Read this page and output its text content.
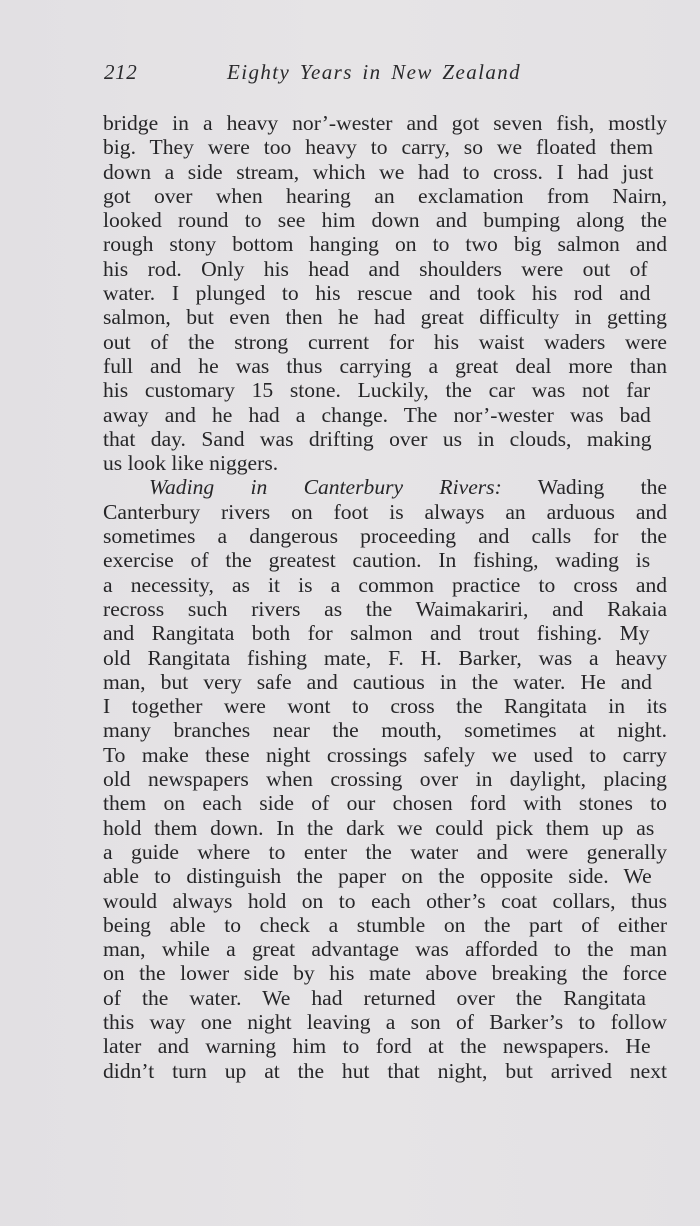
212	Eighty Years in New Zealand
bridge in a heavy nor’-wester and got seven fish, mostly
big. They were too heavy to carry, so we floated them
down a side stream, which we had to cross. I had just
got over when hearing an exclamation from Nairn,
looked round to see him down and bumping along the
rough stony bottom hanging on to two big salmon and
his rod. Only his head and shoulders were out of
water. I plunged to his rescue and took his rod and
salmon, but even then he had great difficulty in getting
out of the strong current for his waist waders were
full and he was thus carrying a great deal more than
his customary 15 stone. Luckily, the car was not far
away and he had a change. The nor’-wester was bad
that day. Sand was drifting over us in clouds, making
us look like niggers.
Wading in Canterbury Rivers: Wading the
Canterbury rivers on foot is always an arduous and
sometimes a dangerous proceeding and calls for the
exercise of the greatest caution. In fishing, wading is
a necessity, as it is a common practice to cross and
recross such rivers as the Waimakariri, and Rakaia
and Rangitata both for salmon and trout fishing. My
old Rangitata fishing mate, F. H. Barker, was a heavy
man, but very safe and cautious in the water. He and
I together were wont to cross the Rangitata in its
many branches near the mouth, sometimes at night.
To make these night crossings safely we used to carry
old newspapers when crossing over in daylight, placing
them on each side of our chosen ford with stones to
hold them down. In the dark we could pick them up as
a guide where to enter the water and were generally
able to distinguish the paper on the opposite side. We
would always hold on to each other’s coat collars, thus
being able to check a stumble on the part of either
man, while a great advantage was afforded to the man
on the lower side by his mate above breaking the force
of the water. We had returned over the Rangitata
this way one night leaving a son of Barker’s to follow
later and warning him to ford at the newspapers. He
didn’t turn up at the hut that night, but arrived next
